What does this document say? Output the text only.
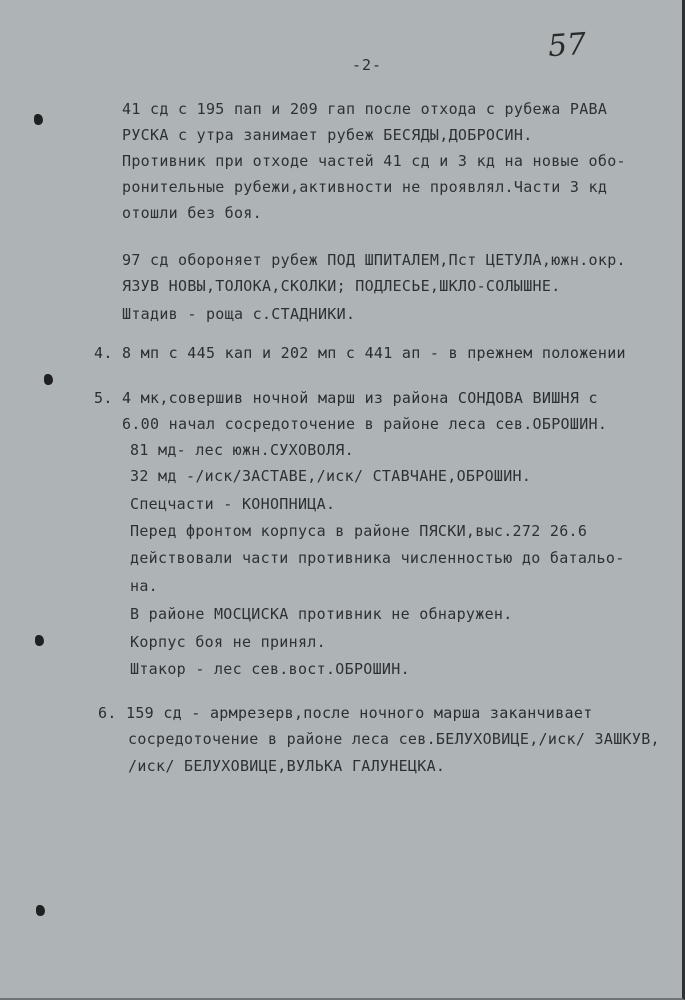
-2-
57
41 сд с 195 пап и 209 гап после отхода с рубежа РАВА
РУСКА с утра занимает рубеж БЕСЯДЫ,ДОБРОСИН.
Противник при отходе частей 41 сд и 3 кд на новые обо-
ронительные рубежи,активности не проявлял.Части 3 кд
отошли без боя.
97 сд обороняет рубеж ПОД ШПИТАЛЕМ,Пст ЦЕТУЛА,южн.окр.
ЯЗУВ НОВЫ,ТОЛОКА,СКОЛКИ; ПОДЛЕСЬЕ,ШКЛО-СОЛЫШНЕ.
Штадив - роща с.СТАДНИКИ.
4. 8 мп с 445 кап и 202 мп с 441 ап - в прежнем положении
5. 4 мк,совершив ночной марш из района СОНДОВА ВИШНЯ с
6.00 начал сосредоточение в районе леса сев.ОБРОШИН.
81 мд- лес южн.СУХОВОЛЯ.
32 мд -/иск/ЗАСТАВЕ,/иск/ СТАВЧАНЕ,ОБРОШИН.
Спецчасти - КОНОПНИЦА.
Перед фронтом корпуса в районе ПЯСКИ,выс.272 26.6
действовали части противника численностью до батальо-
на.
В районе МОСЦИСКА противник не обнаружен.
Корпус боя не принял.
Штакор - лес сев.вост.ОБРОШИН.
6. 159 сд - армрезерв,после ночного марша заканчивает
сосредоточение в районе леса сев.БЕЛУХОВИЦЕ,/иск/ ЗАШКУВ,
/иск/ БЕЛУХОВИЦЕ,ВУЛЬКА ГАЛУНЕЦКА.
